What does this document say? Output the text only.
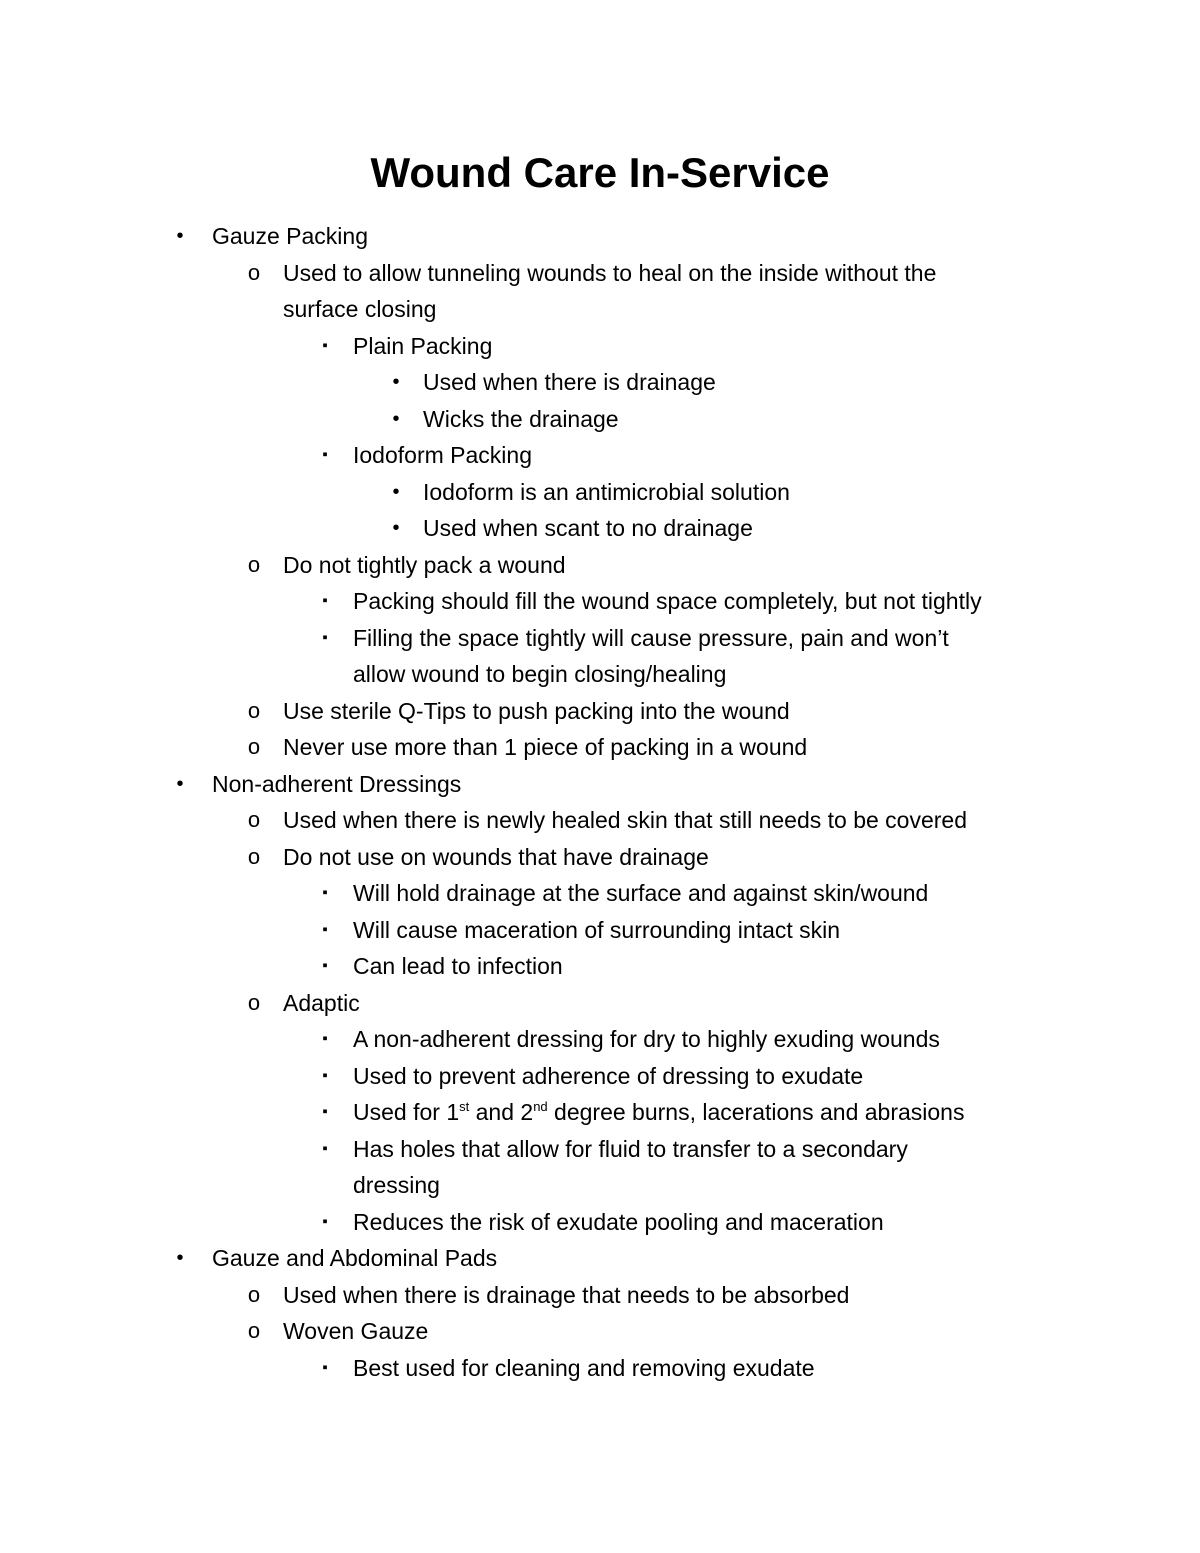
Wound Care In-Service
•	Gauze Packing
o Used to allow tunneling wounds to heal on the inside without the
surface closing
▪	Plain Packing
•	Used when there is drainage
•	Wicks the drainage
▪	Iodoform Packing
•	Iodoform is an antimicrobial solution
•	Used when scant to no drainage
o Do not tightly pack a wound
▪	Packing should fill the wound space completely, but not tightly
▪	Filling the space tightly will cause pressure, pain and won’t
allow wound to begin closing/healing
o Use sterile Q-Tips to push packing into the wound
o Never use more than 1 piece of packing in a wound
•	Non-adherent Dressings
o Used when there is newly healed skin that still needs to be covered
o Do not use on wounds that have drainage
▪	Will hold drainage at the surface and against skin/wound
▪	Will cause maceration of surrounding intact skin
▪	Can lead to infection
o Adaptic
▪	A non-adherent dressing for dry to highly exuding wounds
▪	Used to prevent adherence of dressing to exudate
▪	Used for 1st and 2nd degree burns, lacerations and abrasions
▪	Has holes that allow for fluid to transfer to a secondary
dressing
▪	Reduces the risk of exudate pooling and maceration
•	Gauze and Abdominal Pads
o Used when there is drainage that needs to be absorbed
o Woven Gauze
▪	Best used for cleaning and removing exudate
